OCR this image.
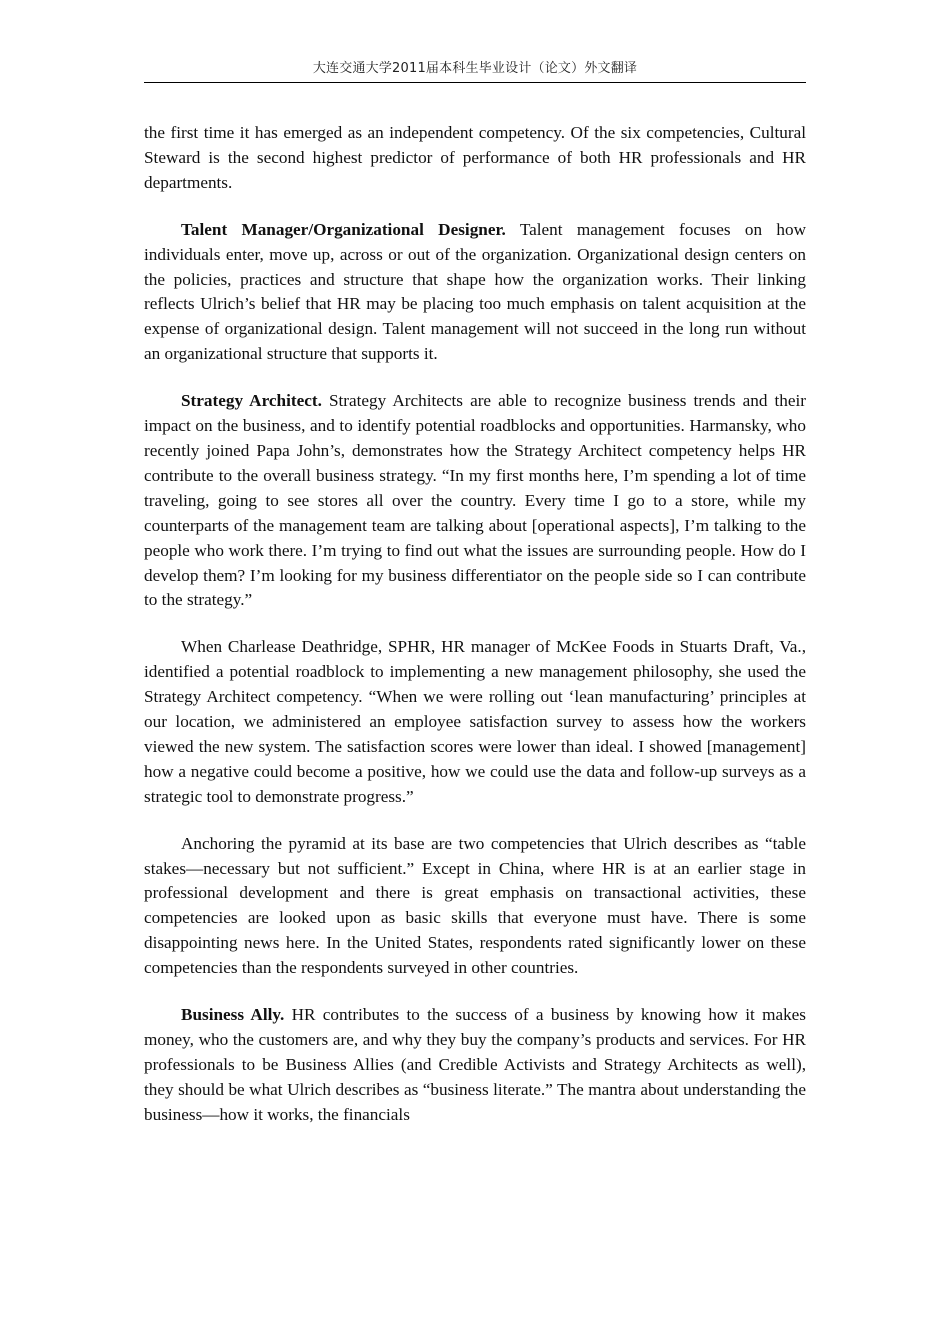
大连交通大学2011届本科生毕业设计（论文）外文翻译

the first time it has emerged as an independent competency. Of the six competencies, Cultural Steward is the second highest predictor of performance of both HR professionals and HR departments.

Talent Manager/Organizational Designer. Talent management focuses on how individuals enter, move up, across or out of the organization. Organizational design centers on the policies, practices and structure that shape how the organization works. Their linking reflects Ulrich’s belief that HR may be placing too much emphasis on talent acquisition at the expense of organizational design. Talent management will not succeed in the long run without an organizational structure that supports it.

Strategy Architect. Strategy Architects are able to recognize business trends and their impact on the business, and to identify potential roadblocks and opportunities. Harmansky, who recently joined Papa John’s, demonstrates how the Strategy Architect competency helps HR contribute to the overall business strategy. “In my first months here, I’m spending a lot of time traveling, going to see stores all over the country. Every time I go to a store, while my counterparts of the management team are talking about [operational aspects], I’m talking to the people who work there. I’m trying to find out what the issues are surrounding people. How do I develop them? I’m looking for my business differentiator on the people side so I can contribute to the strategy.”

When Charlease Deathridge, SPHR, HR manager of McKee Foods in Stuarts Draft, Va., identified a potential roadblock to implementing a new management philosophy, she used the Strategy Architect competency. “When we were rolling out ‘lean manufacturing’ principles at our location, we administered an employee satisfaction survey to assess how the workers viewed the new system. The satisfaction scores were lower than ideal. I showed [management] how a negative could become a positive, how we could use the data and follow-up surveys as a strategic tool to demonstrate progress.”

Anchoring the pyramid at its base are two competencies that Ulrich describes as “table stakes—necessary but not sufficient.” Except in China, where HR is at an earlier stage in professional development and there is great emphasis on transactional activities, these competencies are looked upon as basic skills that everyone must have. There is some disappointing news here. In the United States, respondents rated significantly lower on these competencies than the respondents surveyed in other countries.

Business Ally. HR contributes to the success of a business by knowing how it makes money, who the customers are, and why they buy the company’s products and services. For HR professionals to be Business Allies (and Credible Activists and Strategy Architects as well), they should be what Ulrich describes as “business literate.” The mantra about understanding the business—how it works, the financials
